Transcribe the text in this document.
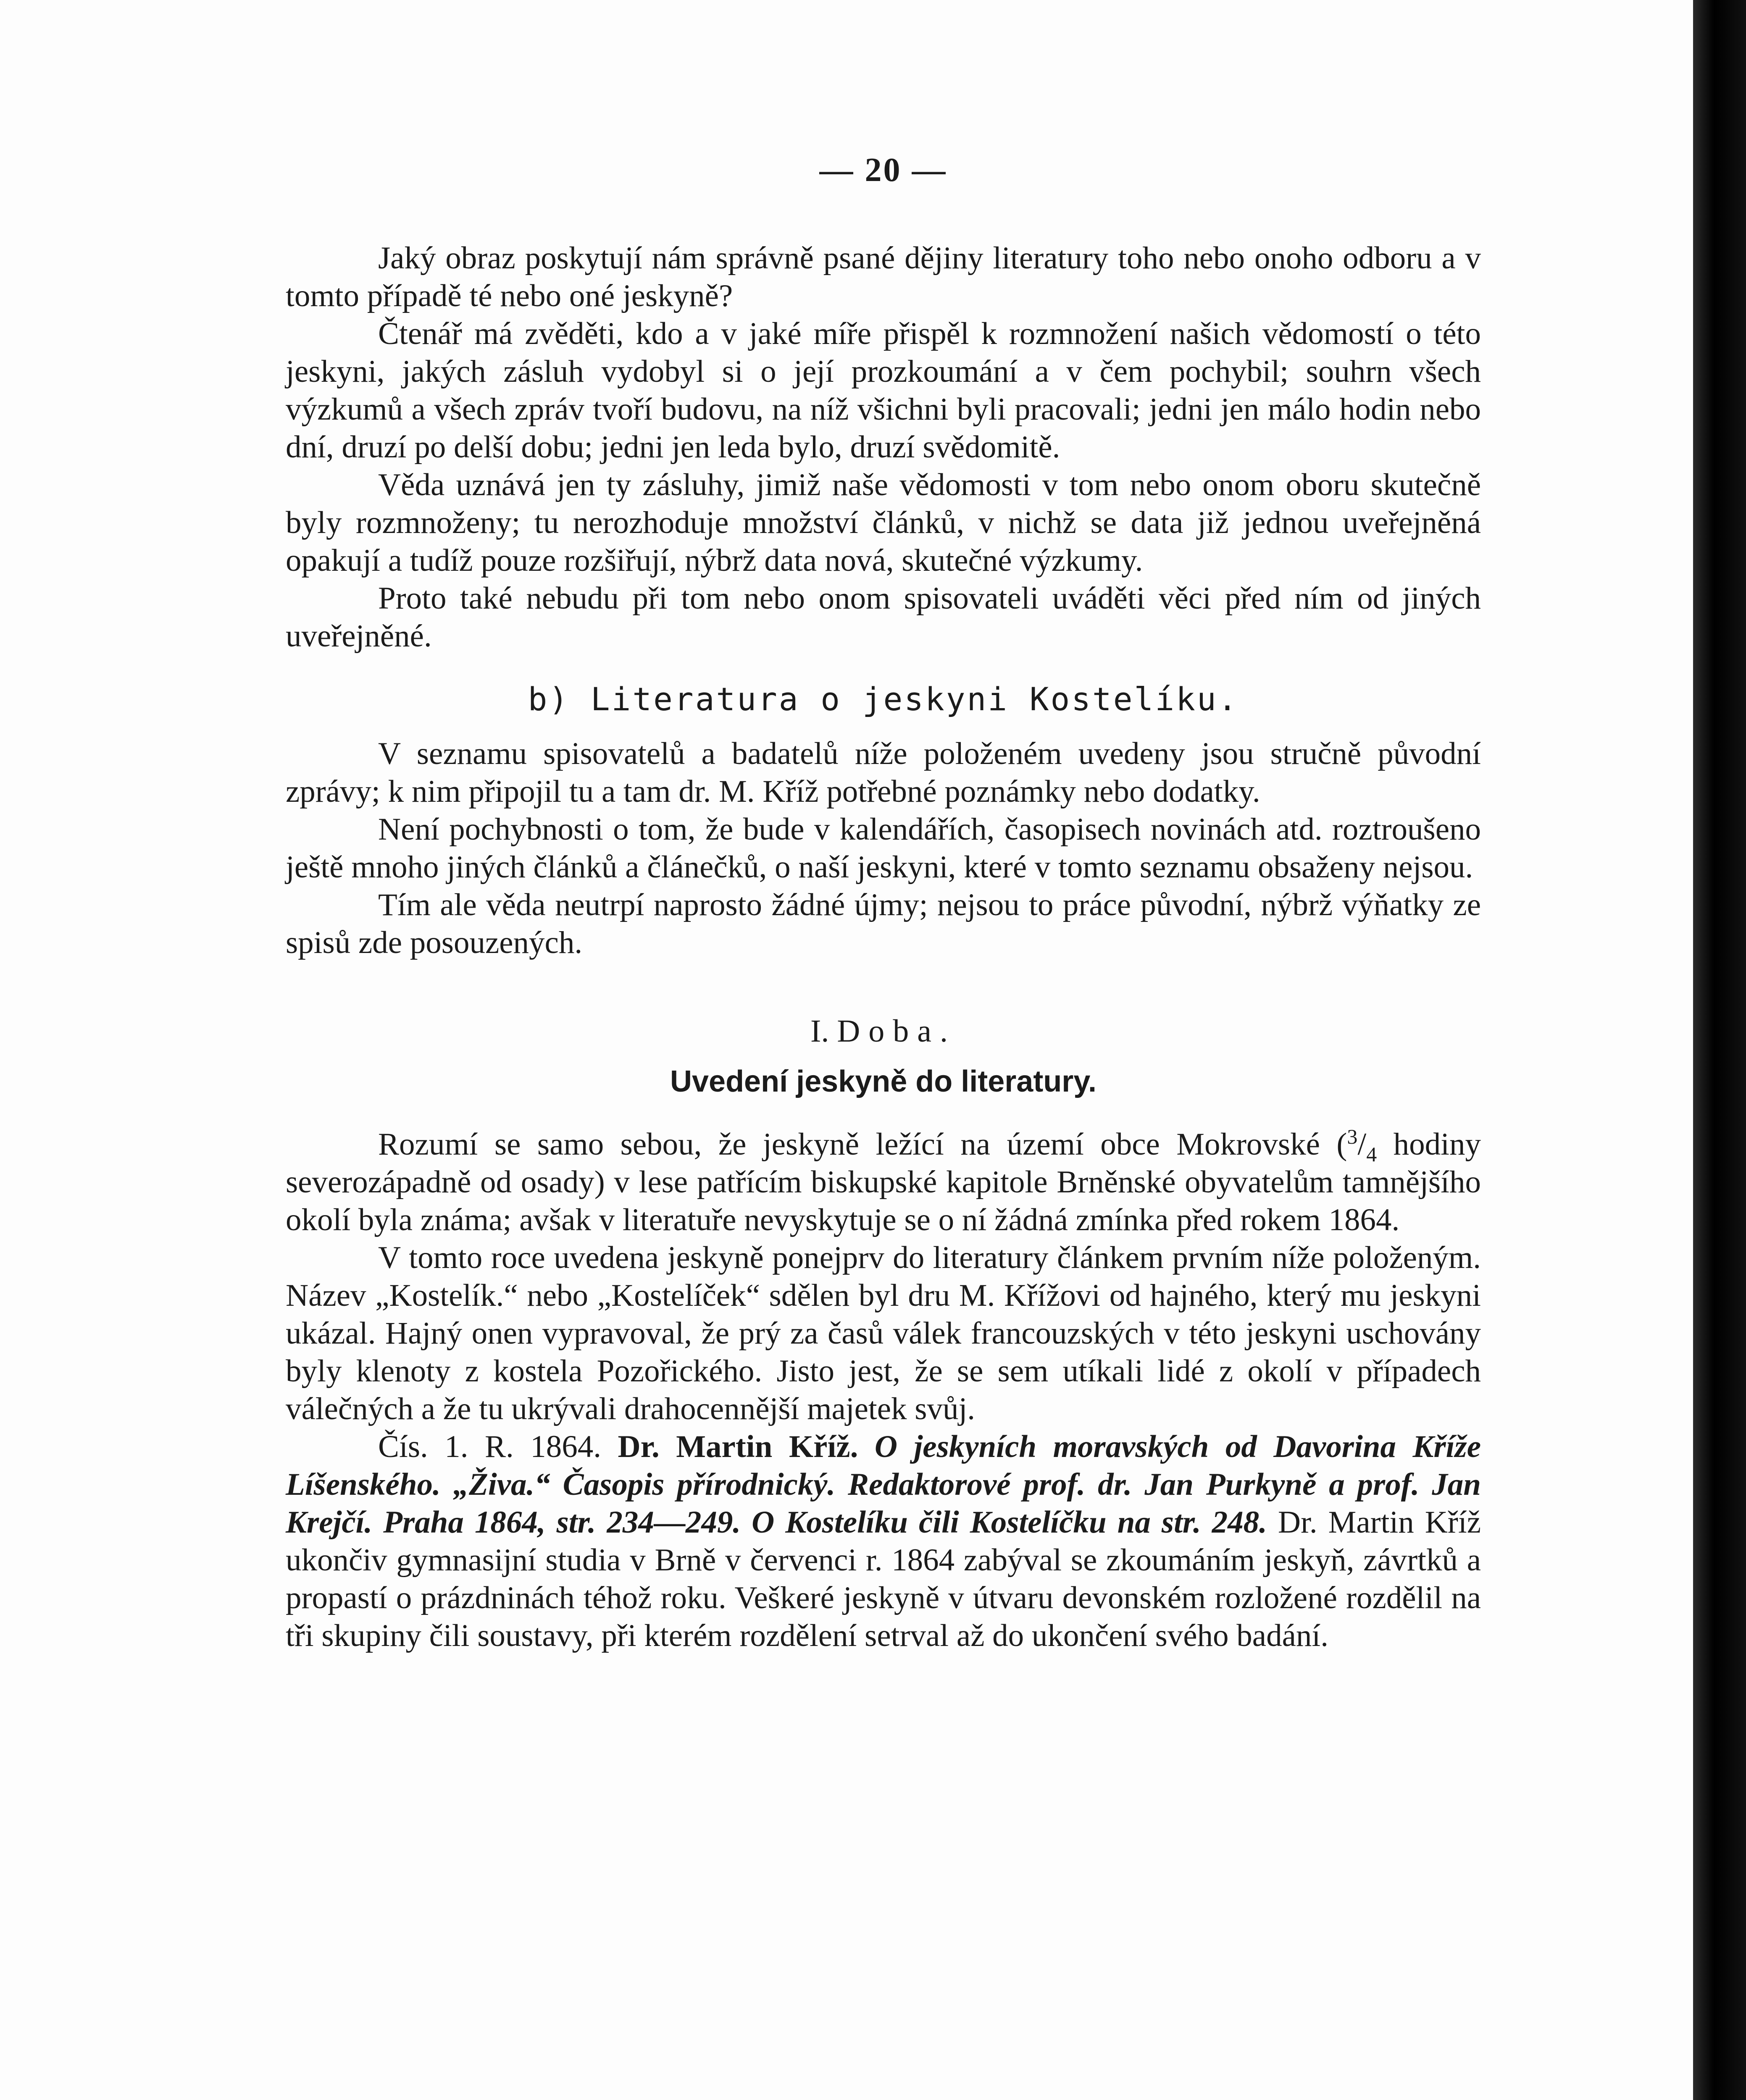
— 20 —

Jaký obraz poskytují nám správně psané dějiny literatury toho nebo onoho odboru a v tomto případě té nebo oné jeskyně?

Čtenář má zvěděti, kdo a v jaké míře přispěl k rozmnožení našich vědomostí o této jeskyni, jakých zásluh vydobyl si o její prozkoumání a v čem pochybil; souhrn všech výzkumů a všech zpráv tvoří budovu, na níž všichni byli pracovali; jedni jen málo hodin nebo dní, druzí po delší dobu; jedni jen leda bylo, druzí svědomitě.

Věda uznává jen ty zásluhy, jimiž naše vědomosti v tom nebo onom oboru skutečně byly rozmnoženy; tu nerozhoduje množství článků, v nichž se data již jednou uveřejněná opakují a tudíž pouze rozšiřují, nýbrž data nová, skutečné výzkumy.

Proto také nebudu při tom nebo onom spisovateli uváděti věci před ním od jiných uveřejněné.

b) Literatura o jeskyni Kostelíku.

V seznamu spisovatelů a badatelů níže položeném uvedeny jsou stručně původní zprávy; k nim připojil tu a tam dr. M. Kříž potřebné poznámky nebo dodatky.

Není pochybnosti o tom, že bude v kalendářích, časopisech novinách atd. roztroušeno ještě mnoho jiných článků a článečků, o naší jeskyni, které v tomto seznamu obsaženy nejsou.

Tím ale věda neutrpí naprosto žádné újmy; nejsou to práce původní, nýbrž výňatky ze spisů zde posouzených.

I. Doba.
Uvedení jeskyně do literatury.

Rozumí se samo sebou, že jeskyně ležící na území obce Mokrovské ($^3/_4$ hodiny severozápadně od osady) v lese patřícím biskupské kapitole Brněnské obyvatelům tamnějšího okolí byla známa; avšak v literatuře nevyskytuje se o ní žádná zmínka před rokem 1864.

V tomto roce uvedena jeskyně ponejprv do literatury článkem prvním níže položeným. Název „Kostelík.“ nebo „Kostelíček“ sdělen byl dru M. Křížovi od hajného, který mu jeskyni ukázal. Hajný onen vypravoval, že prý za časů válek francouzských v této jeskyni uschovány byly klenoty z kostela Pozořického. Jisto jest, že se sem utíkali lidé z okolí v případech válečných a že tu ukrývali drahocennější majetek svůj.

Čís. 1. R. 1864. Dr. Martin Kříž. O jeskyních moravských od Davorina Kříže Líšenského. „Živa.“ Časopis přírodnický. Redaktorové prof. dr. Jan Purkyně a prof. Jan Krejčí. Praha 1864, str. 234—249. O Kostelíku čili Kostelíčku na str. 248. Dr. Martin Kříž ukončiv gymnasijní studia v Brně v červenci r. 1864 zabýval se zkoumáním jeskyň, závrtků a propastí o prázdninách téhož roku. Veškeré jeskyně v útvaru devonském rozložené rozdělil na tři skupiny čili soustavy, při kterém rozdělení setrval až do ukončení svého badání.
